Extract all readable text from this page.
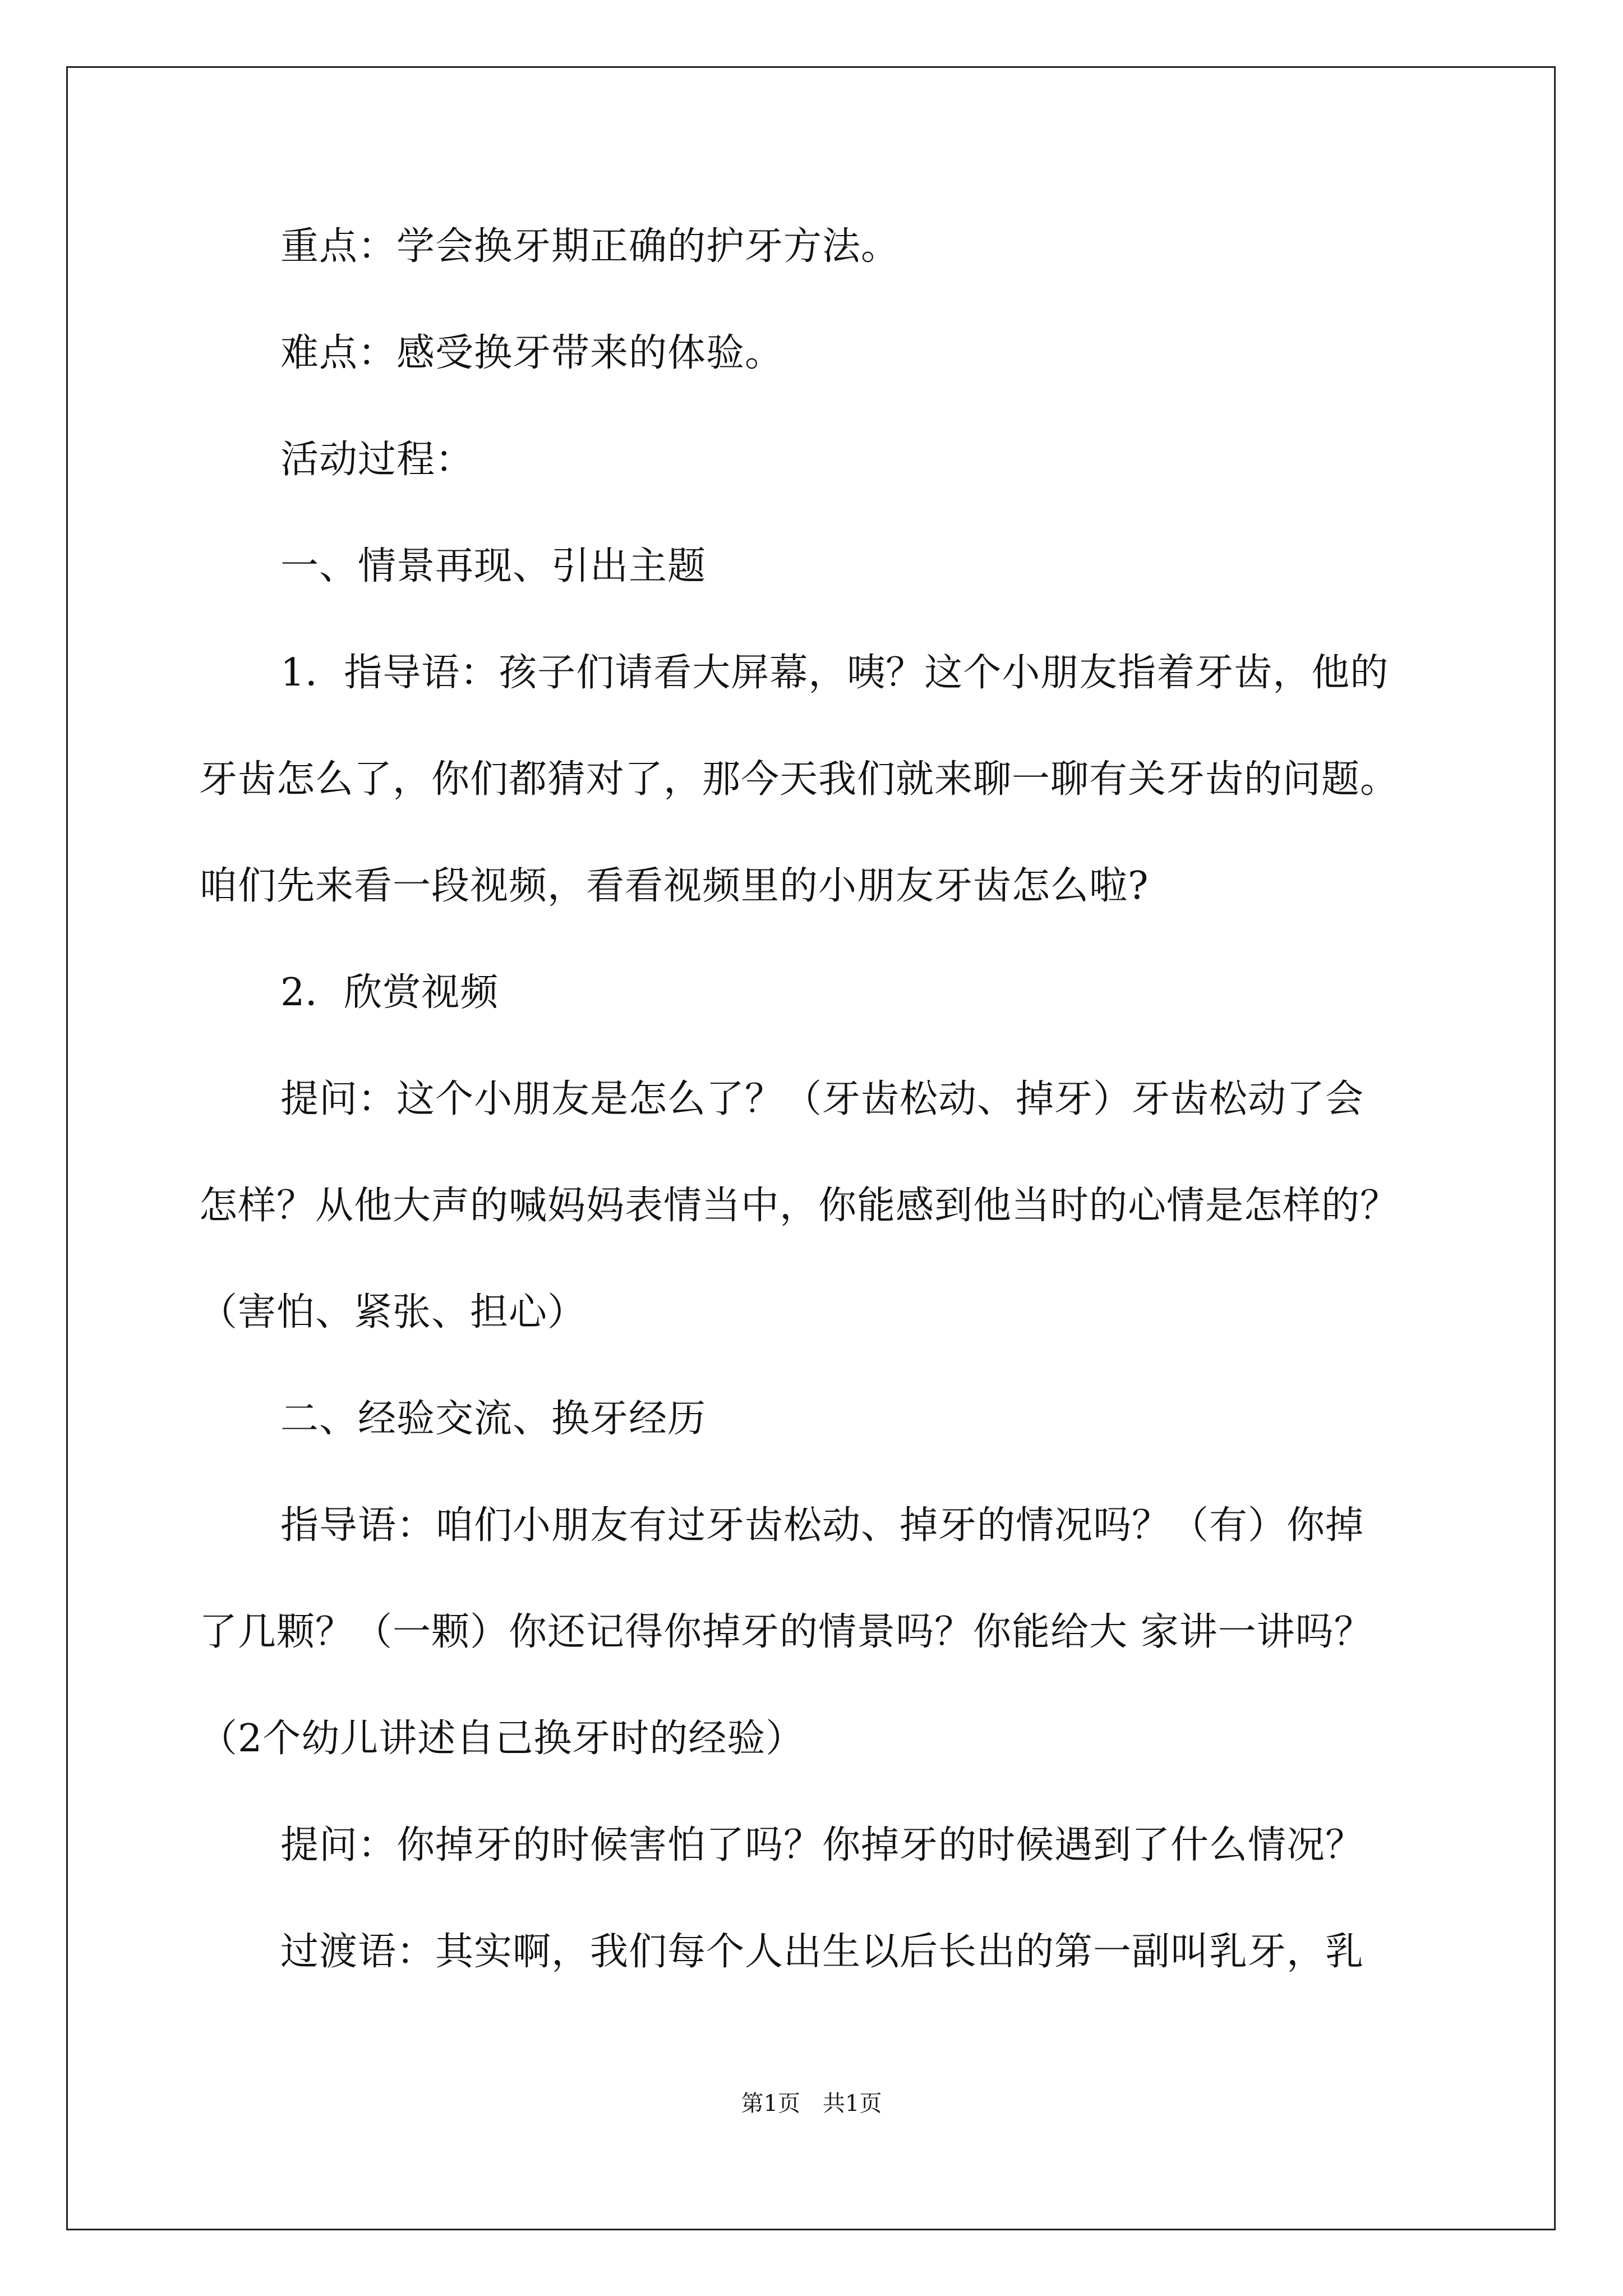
重点：学会换牙期正确的护牙方法。
难点：感受换牙带来的体验。
活动过程：
一、情景再现、引出主题
1．指导语：孩子们请看大屏幕，咦？这个小朋友指着牙齿，他的
牙齿怎么了，你们都猜对了，那今天我们就来聊一聊有关牙齿的问题。
咱们先来看一段视频，看看视频里的小朋友牙齿怎么啦?
2．欣赏视频
提问：这个小朋友是怎么了？（牙齿松动、掉牙）牙齿松动了会
怎样？从他大声的喊妈妈表情当中，你能感到他当时的心情是怎样的？
（害怕、紧张、担心）
二、经验交流、换牙经历
指导语：咱们小朋友有过牙齿松动、掉牙的情况吗？（有）你掉
了几颗？（一颗）你还记得你掉牙的情景吗？你能给大 家讲一讲吗？
（2个幼儿讲述自己换牙时的经验）
提问：你掉牙的时候害怕了吗？你掉牙的时候遇到了什么情况？
过渡语：其实啊，我们每个人出生以后长出的第一副叫乳牙，乳
第1页　共1页
